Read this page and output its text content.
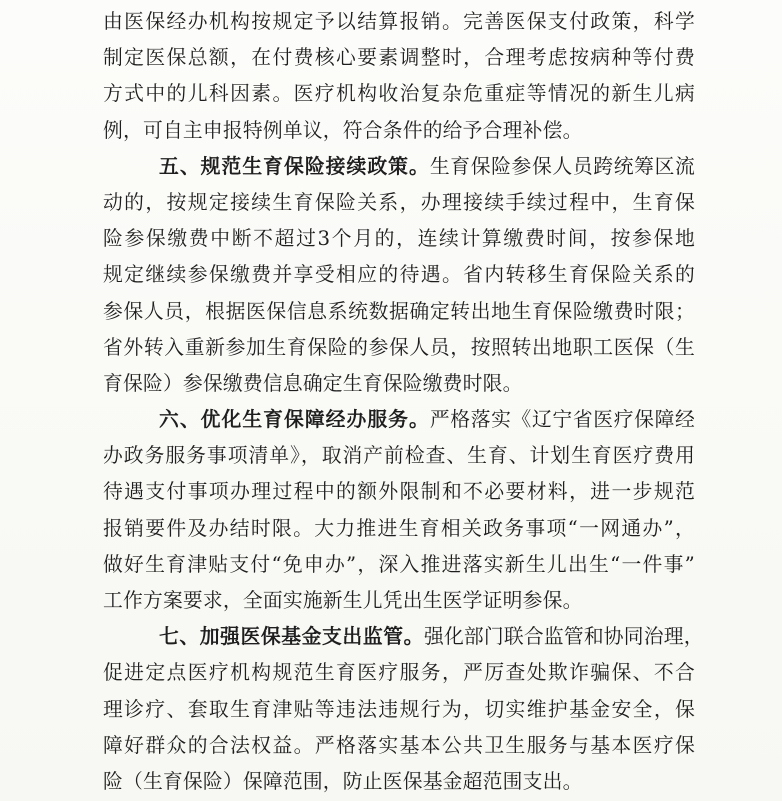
由医保经办机构按规定予以结算报销。完善医保支付政策，科学
制定医保总额，在付费核心要素调整时，合理考虑按病种等付费
方式中的儿科因素。医疗机构收治复杂危重症等情况的新生儿病
例，可自主申报特例单议，符合条件的给予合理补偿。
五、规范生育保险接续政策。生育保险参保人员跨统筹区流
动的，按规定接续生育保险关系，办理接续手续过程中，生育保
险参保缴费中断不超过3个月的，连续计算缴费时间，按参保地
规定继续参保缴费并享受相应的待遇。省内转移生育保险关系的
参保人员，根据医保信息系统数据确定转出地生育保险缴费时限；
省外转入重新参加生育保险的参保人员，按照转出地职工医保（生
育保险）参保缴费信息确定生育保险缴费时限。
六、优化生育保障经办服务。严格落实《辽宁省医疗保障经
办政务服务事项清单》，取消产前检查、生育、计划生育医疗费用
待遇支付事项办理过程中的额外限制和不必要材料，进一步规范
报销要件及办结时限。大力推进生育相关政务事项“一网通办”，
做好生育津贴支付“免申办”，深入推进落实新生儿出生“一件事”
工作方案要求，全面实施新生儿凭出生医学证明参保。
七、加强医保基金支出监管。强化部门联合监管和协同治理，
促进定点医疗机构规范生育医疗服务，严厉查处欺诈骗保、不合
理诊疗、套取生育津贴等违法违规行为，切实维护基金安全，保
障好群众的合法权益。严格落实基本公共卫生服务与基本医疗保
险（生育保险）保障范围，防止医保基金超范围支出。
